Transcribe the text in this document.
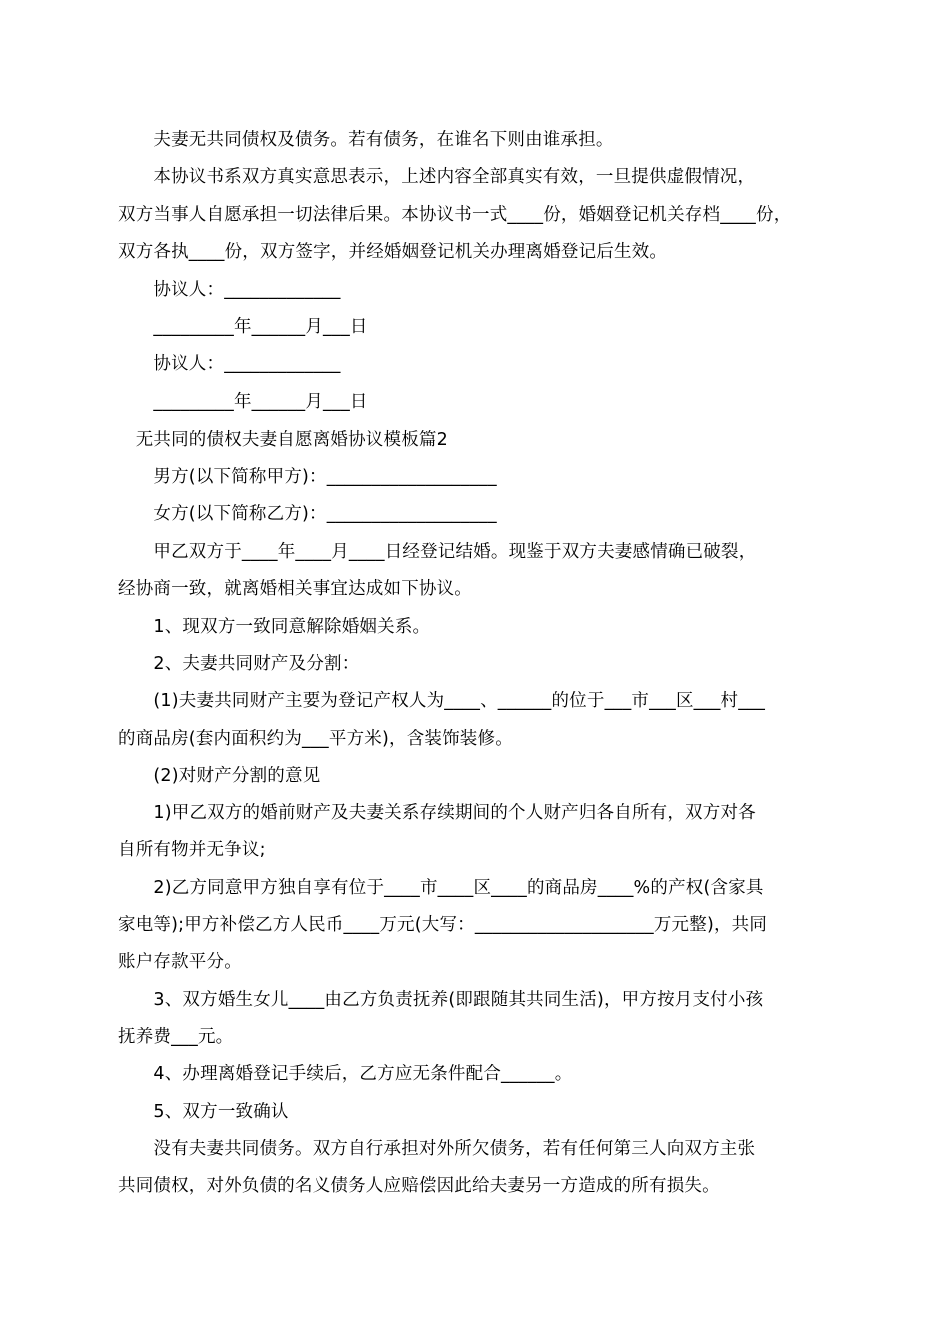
　　夫妻无共同债权及债务。若有债务，在谁名下则由谁承担。
　　本协议书系双方真实意思表示，上述内容全部真实有效，一旦提供虚假情况，
双方当事人自愿承担一切法律后果。本协议书一式____份，婚姻登记机关存档____份，
双方各执____份，双方签字，并经婚姻登记机关办理离婚登记后生效。
　　协议人：_____________
　　_________年______月___日
　　协议人：_____________
　　_________年______月___日
　无共同的债权夫妻自愿离婚协议模板篇2
　　男方(以下简称甲方)：___________________
　　女方(以下简称乙方)：___________________
　　甲乙双方于____年____月____日经登记结婚。现鉴于双方夫妻感情确已破裂，
经协商一致，就离婚相关事宜达成如下协议。
　　1、现双方一致同意解除婚姻关系。
　　2、夫妻共同财产及分割：
　　(1)夫妻共同财产主要为登记产权人为____、______的位于___市___区___村___
的商品房(套内面积约为___平方米)，含装饰装修。
　　(2)对财产分割的意见
　　1)甲乙双方的婚前财产及夫妻关系存续期间的个人财产归各自所有，双方对各
自所有物并无争议;
　　2)乙方同意甲方独自享有位于____市____区____的商品房____%的产权(含家具
家电等);甲方补偿乙方人民币____万元(大写：____________________万元整)，共同
账户存款平分。
　　3、双方婚生女儿____由乙方负责抚养(即跟随其共同生活)，甲方按月支付小孩
抚养费___元。
　　4、办理离婚登记手续后，乙方应无条件配合______。
　　5、双方一致确认
　　没有夫妻共同债务。双方自行承担对外所欠债务，若有任何第三人向双方主张
共同债权，对外负债的名义债务人应赔偿因此给夫妻另一方造成的所有损失。
